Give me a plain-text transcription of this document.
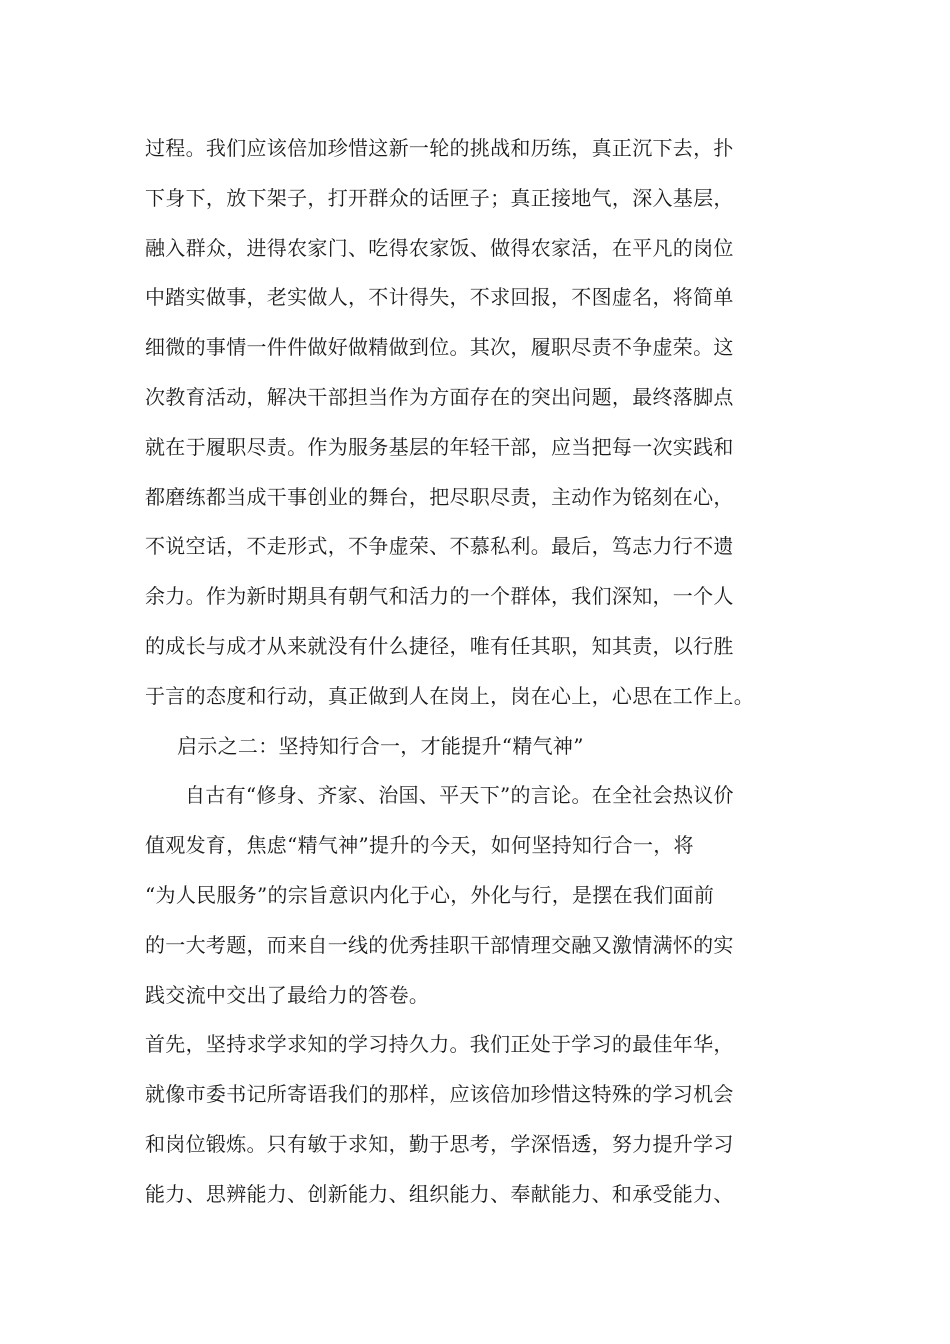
过程。我们应该倍加珍惜这新一轮的挑战和历练，真正沉下去，扑
下身下，放下架子，打开群众的话匣子；真正接地气，深入基层，
融入群众，进得农家门、吃得农家饭、做得农家活，在平凡的岗位
中踏实做事，老实做人，不计得失，不求回报，不图虚名，将简单
细微的事情一件件做好做精做到位。其次，履职尽责不争虚荣。这
次教育活动，解决干部担当作为方面存在的突出问题，最终落脚点
就在于履职尽责。作为服务基层的年轻干部，应当把每一次实践和
都磨练都当成干事创业的舞台，把尽职尽责，主动作为铭刻在心，
不说空话，不走形式，不争虚荣、不慕私利。最后，笃志力行不遗
余力。作为新时期具有朝气和活力的一个群体，我们深知，一个人
的成长与成才从来就没有什么捷径，唯有任其职，知其责，以行胜
于言的态度和行动，真正做到人在岗上，岗在心上，心思在工作上。
启示之二：坚持知行合一，才能提升“精气神”
自古有“修身、齐家、治国、平天下”的言论。在全社会热议价
值观发育，焦虑“精气神”提升的今天，如何坚持知行合一，将
“为人民服务”的宗旨意识内化于心，外化与行，是摆在我们面前
的一大考题，而来自一线的优秀挂职干部情理交融又激情满怀的实
践交流中交出了最给力的答卷。
首先，坚持求学求知的学习持久力。我们正处于学习的最佳年华，
就像市委书记所寄语我们的那样，应该倍加珍惜这特殊的学习机会
和岗位锻炼。只有敏于求知，勤于思考，学深悟透，努力提升学习
能力、思辨能力、创新能力、组织能力、奉献能力、和承受能力、
